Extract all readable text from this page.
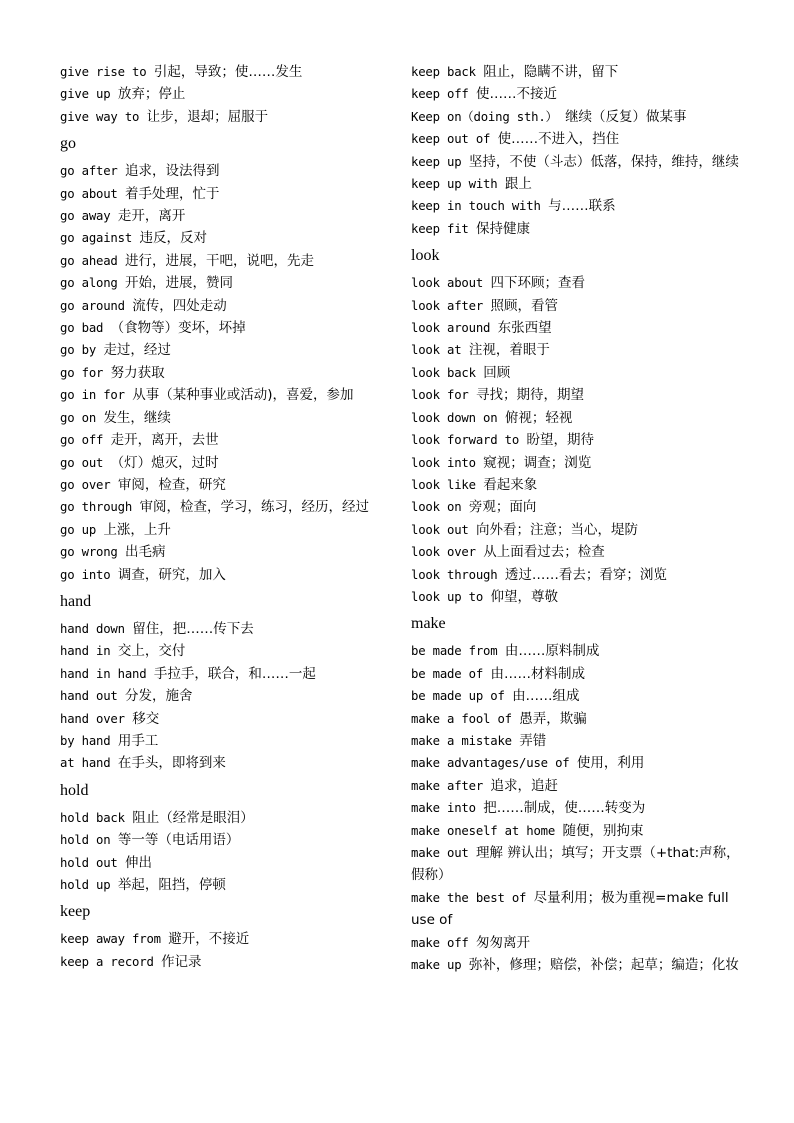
give rise to 引起，导致；使……发生
give up 放弃；停止
give way to 让步，退却；屈服于
go
go after 追求，设法得到
go about 着手处理，忙于
go away 走开，离开
go against 违反，反对
go ahead 进行，进展，干吧，说吧，先走
go along 开始，进展，赞同
go around 流传，四处走动
go bad （食物等）变坏，坏掉
go by 走过，经过
go for 努力获取
go in for 从事（某种事业或活动)，喜爱，参加
go on 发生，继续
go off 走开，离开，去世
go out （灯）熄灭，过时
go over 审阅，检查，研究
go through 审阅，检查，学习，练习，经历，经过
go up 上涨，上升
go wrong 出毛病
go into 调查，研究，加入
hand
hand down 留住，把……传下去
hand in 交上，交付
hand in hand 手拉手，联合，和……一起
hand out 分发，施舍
hand over 移交
by hand 用手工
at hand 在手头，即将到来
hold
hold back 阻止（经常是眼泪）
hold on 等一等（电话用语）
hold out 伸出
hold up 举起，阻挡，停顿
keep
keep away from 避开，不接近
keep a record 作记录
keep back 阻止，隐瞒不讲，留下
keep off 使……不接近
Keep on（doing sth.） 继续（反复）做某事
keep out of 使……不进入，挡住
keep up 坚持，不使（斗志）低落，保持，维持，继续
keep up with 跟上
keep in touch with 与……联系
keep fit 保持健康
look
look about 四下环顾；查看
look after 照顾，看管
look around 东张西望
look at 注视，着眼于
look back 回顾
look for 寻找；期待，期望
look down on 俯视；轻视
look forward to 盼望，期待
look into 窥视；调查；浏览
look like 看起来象
look on 旁观；面向
look out 向外看；注意；当心，堤防
look over 从上面看过去；检查
look through 透过……看去；看穿；浏览
look up to 仰望，尊敬
make
be made from 由……原料制成
be made of 由……材料制成
be made up of 由……组成
make a fool of 愚弄，欺骗
make a mistake 弄错
make advantages/use of 使用，利用
make after 追求，追赶
make into 把……制成，使……转变为
make oneself at home 随便，别拘束
make out 理解 辨认出；填写；开支票（+that:声称，假称）
make the best of 尽量利用；极为重视=make full use of
make off 匆匆离开
make up 弥补，修理；赔偿，补偿；起草；编造；化妆
